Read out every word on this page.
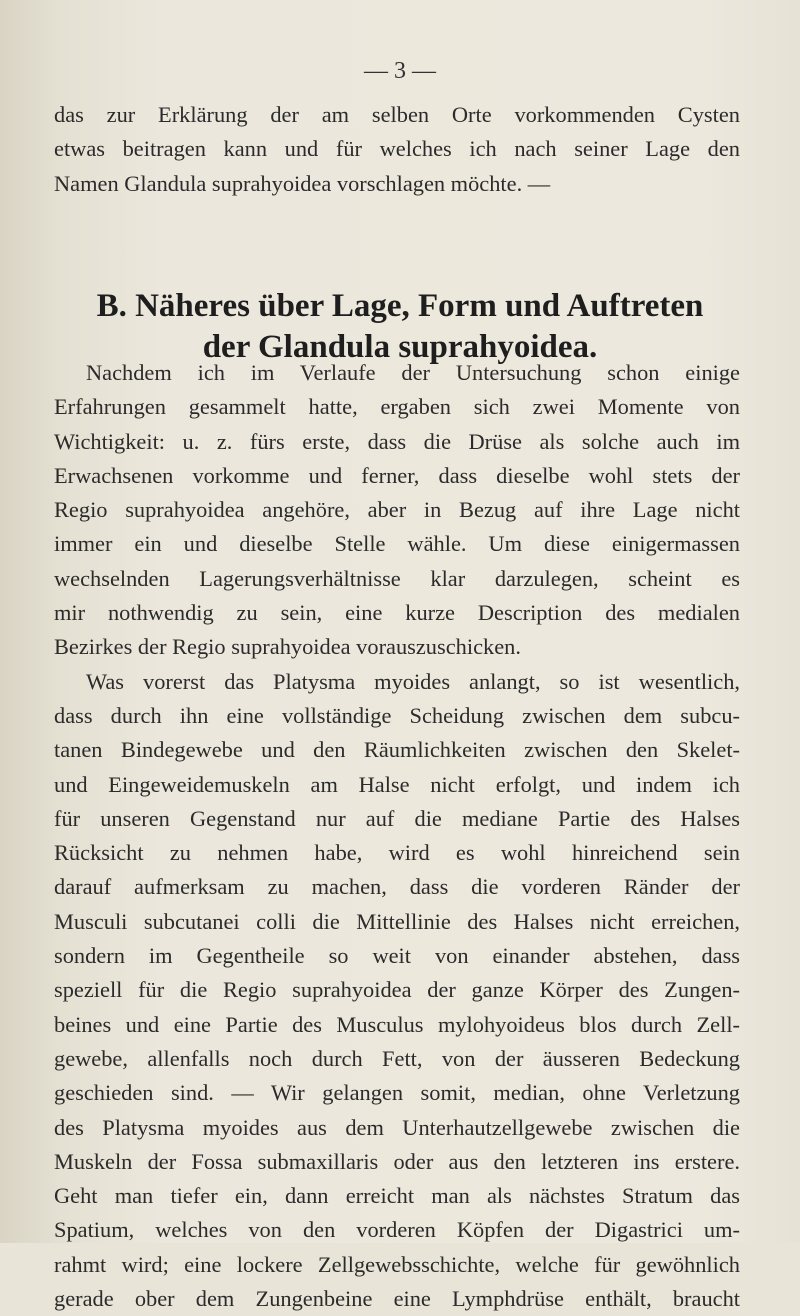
— 3 —
das zur Erklärung der am selben Orte vorkommenden Cysten
etwas beitragen kann und für welches ich nach seiner Lage den
Namen Glandula suprahyoidea vorschlagen möchte. —
B. Näheres über Lage, Form und Auftreten
der Glandula suprahyoidea.
Nachdem ich im Verlaufe der Untersuchung schon einige
Erfahrungen gesammelt hatte, ergaben sich zwei Momente von
Wichtigkeit: u. z. fürs erste, dass die Drüse als solche auch im
Erwachsenen vorkomme und ferner, dass dieselbe wohl stets der
Regio suprahyoidea angehöre, aber in Bezug auf ihre Lage nicht
immer ein und dieselbe Stelle wähle. Um diese einigermassen
wechselnden Lagerungsverhältnisse klar darzulegen, scheint es
mir nothwendig zu sein, eine kurze Description des medialen
Bezirkes der Regio suprahyoidea vorauszuschicken.
Was vorerst das Platysma myoides anlangt, so ist wesentlich,
dass durch ihn eine vollständige Scheidung zwischen dem subcu-
tanen Bindegewebe und den Räumlichkeiten zwischen den Skelet-
und Eingeweidemuskeln am Halse nicht erfolgt, und indem ich
für unseren Gegenstand nur auf die mediane Partie des Halses
Rücksicht zu nehmen habe, wird es wohl hinreichend sein
darauf aufmerksam zu machen, dass die vorderen Ränder der
Musculi subcutanei colli die Mittellinie des Halses nicht erreichen,
sondern im Gegentheile so weit von einander abstehen, dass
speziell für die Regio suprahyoidea der ganze Körper des Zungen-
beines und eine Partie des Musculus mylohyoideus blos durch Zell-
gewebe, allenfalls noch durch Fett, von der äusseren Bedeckung
geschieden sind. — Wir gelangen somit, median, ohne Verletzung
des Platysma myoides aus dem Unterhautzellgewebe zwischen die
Muskeln der Fossa submaxillaris oder aus den letzteren ins erstere.
Geht man tiefer ein, dann erreicht man als nächstes Stratum das
Spatium, welches von den vorderen Köpfen der Digastrici um-
rahmt wird; eine lockere Zellgewebsschichte, welche für gewöhnlich
gerade ober dem Zungenbeine eine Lymphdrüse enthält, braucht
